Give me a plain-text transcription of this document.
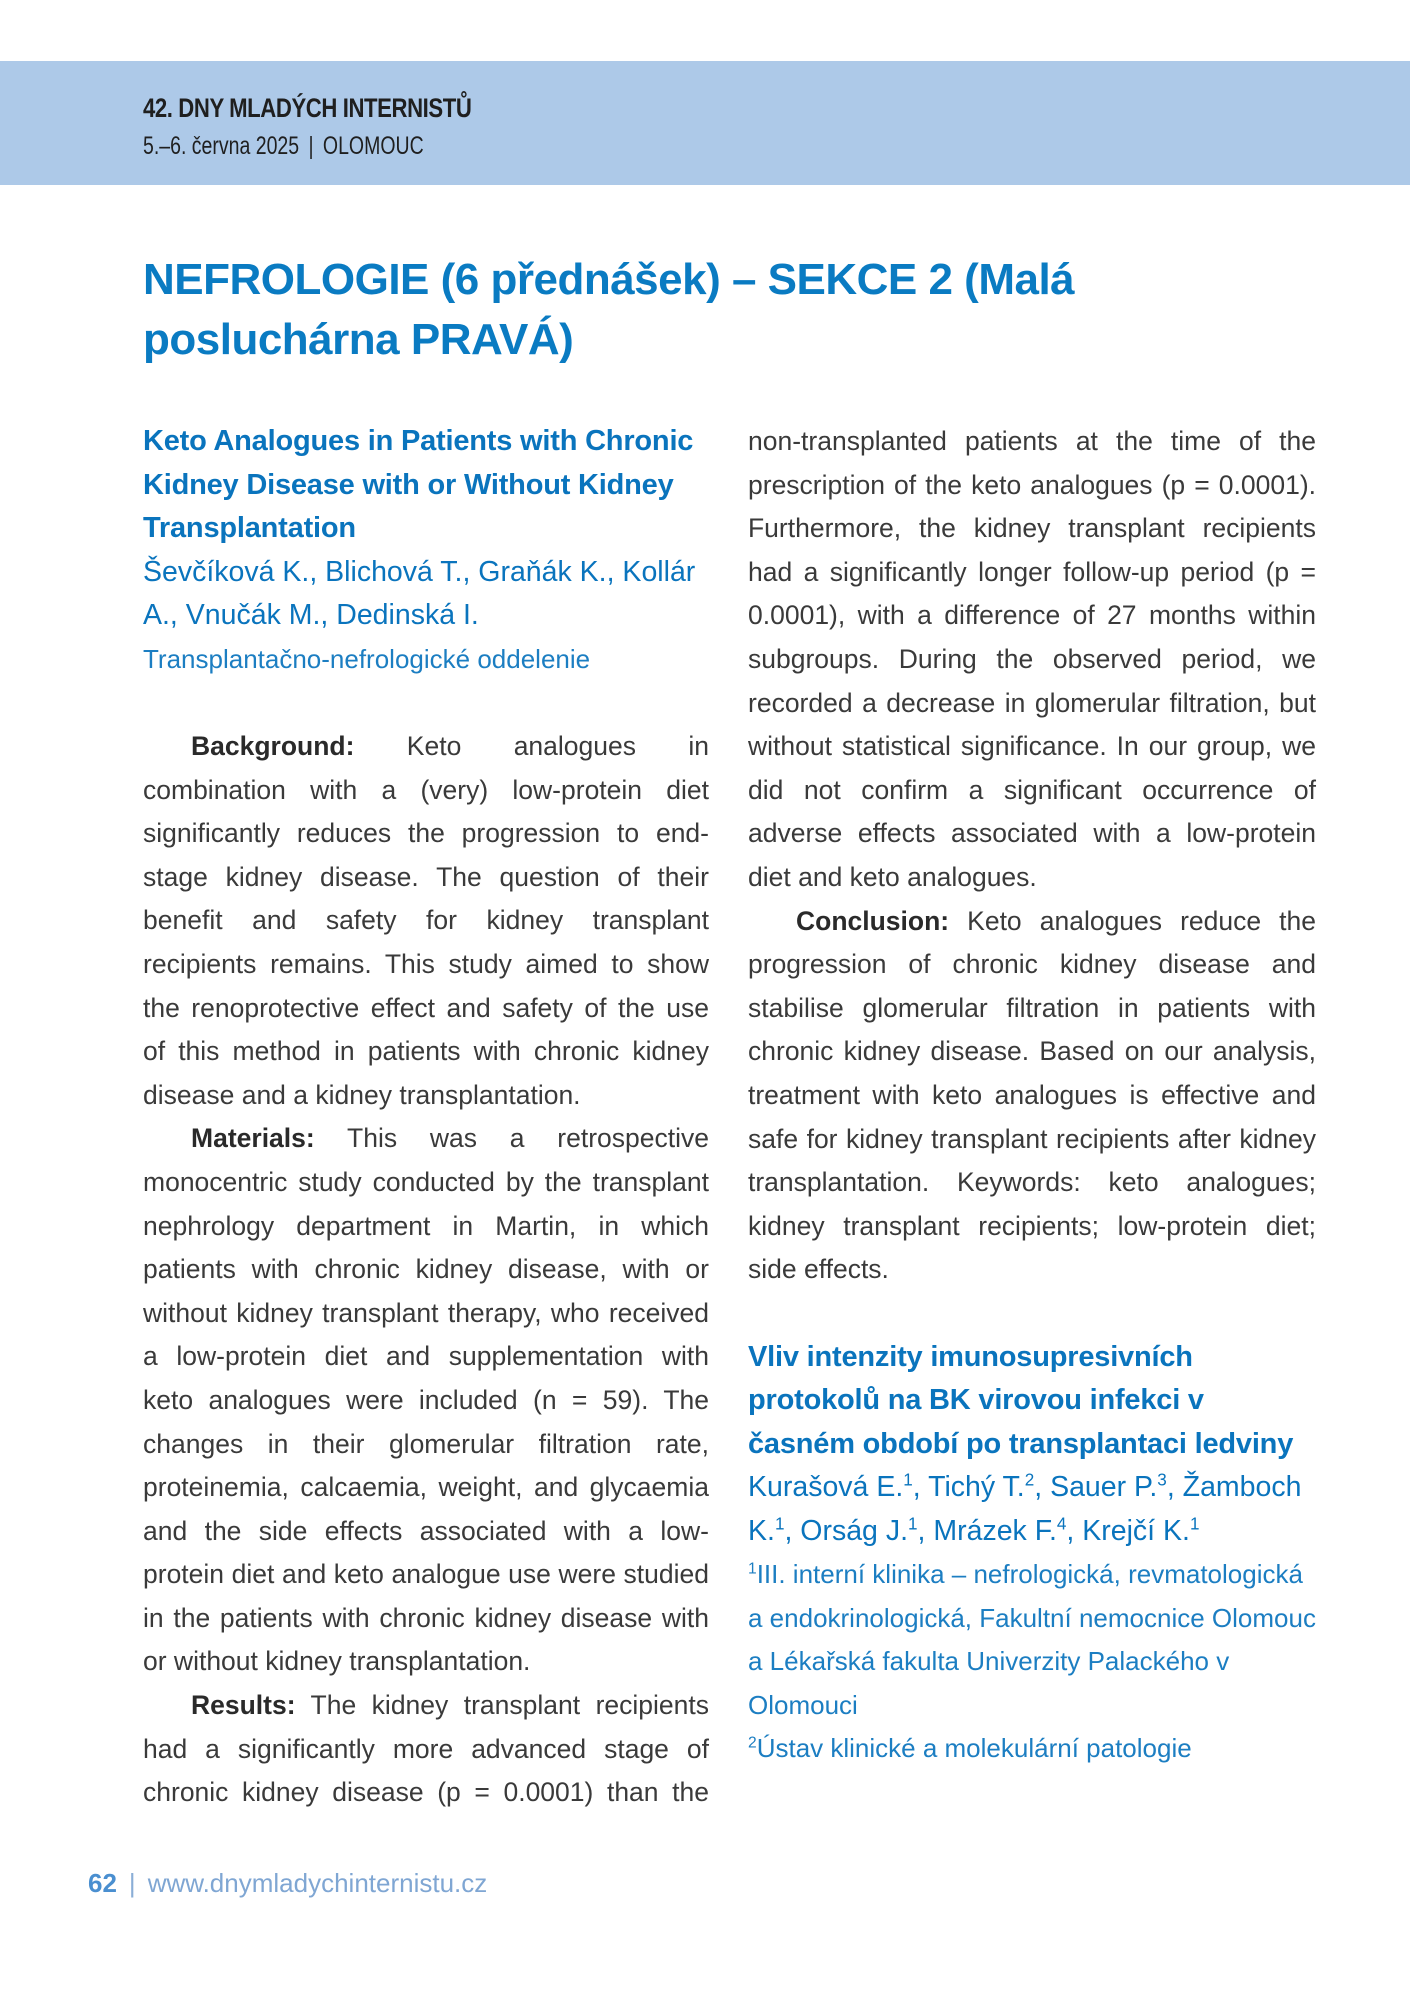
42. DNY MLADÝCH INTERNISTŮ
5.–6. června 2025 | OLOMOUC
NEFROLOGIE (6 přednášek) – SEKCE 2 (Malá posluchárna PRAVÁ)
Keto Analogues in Patients with Chronic Kidney Disease with or Without Kidney Transplantation
Ševčíková K., Blichová T., Graňák K., Kollár A., Vnučák M., Dedinská I.
Transplantačno-nefrologické oddelenie

Background: Keto analogues in combination with a (very) low-protein diet significantly reduces the progression to end-stage kidney disease. The question of their benefit and safety for kidney transplant recipients remains. This study aimed to show the renoprotective effect and safety of the use of this method in patients with chronic kidney disease and a kidney transplantation.

Materials: This was a retrospective monocentric study conducted by the transplant nephrology department in Martin, in which patients with chronic kidney disease, with or without kidney transplant therapy, who received a low-protein diet and supplementation with keto analogues were included (n = 59). The changes in their glomerular filtration rate, proteinemia, calcaemia, weight, and glycaemia and the side effects associated with a low-protein diet and keto analogue use were studied in the patients with chronic kidney disease with or without kidney transplantation.

Results: The kidney transplant recipients had a significantly more advanced stage of chronic kidney disease (p = 0.0001) than the

non-transplanted patients at the time of the prescription of the keto analogues (p = 0.0001). Furthermore, the kidney transplant recipients had a significantly longer follow-up period (p = 0.0001), with a difference of 27 months within subgroups. During the observed period, we recorded a decrease in glomerular filtration, but without statistical significance. In our group, we did not confirm a significant occurrence of adverse effects associated with a low-protein diet and keto analogues.

Conclusion: Keto analogues reduce the progression of chronic kidney disease and stabilise glomerular filtration in patients with chronic kidney disease. Based on our analysis, treatment with keto analogues is effective and safe for kidney transplant recipients after kidney transplantation. Keywords: keto analogues; kidney transplant recipients; low-protein diet; side effects.

Vliv intenzity imunosupresivních protokolů na BK virovou infekci v časném období po transplantaci ledviny
Kurašová E.$^1$, Tichý T.$^2$, Sauer P.$^3$, Žamboch K.$^1$, Orság J.$^1$, Mrázek F.$^4$, Krejčí K.$^1$
$^1$III. interní klinika – nefrologická, revmatologická a endokrinologická, Fakultní nemocnice Olomouc a Lékařská fakulta Univerzity Palackého v Olomouci
$^2$Ústav klinické a molekulární patologie
62 | www.dnymladychinternistu.cz
